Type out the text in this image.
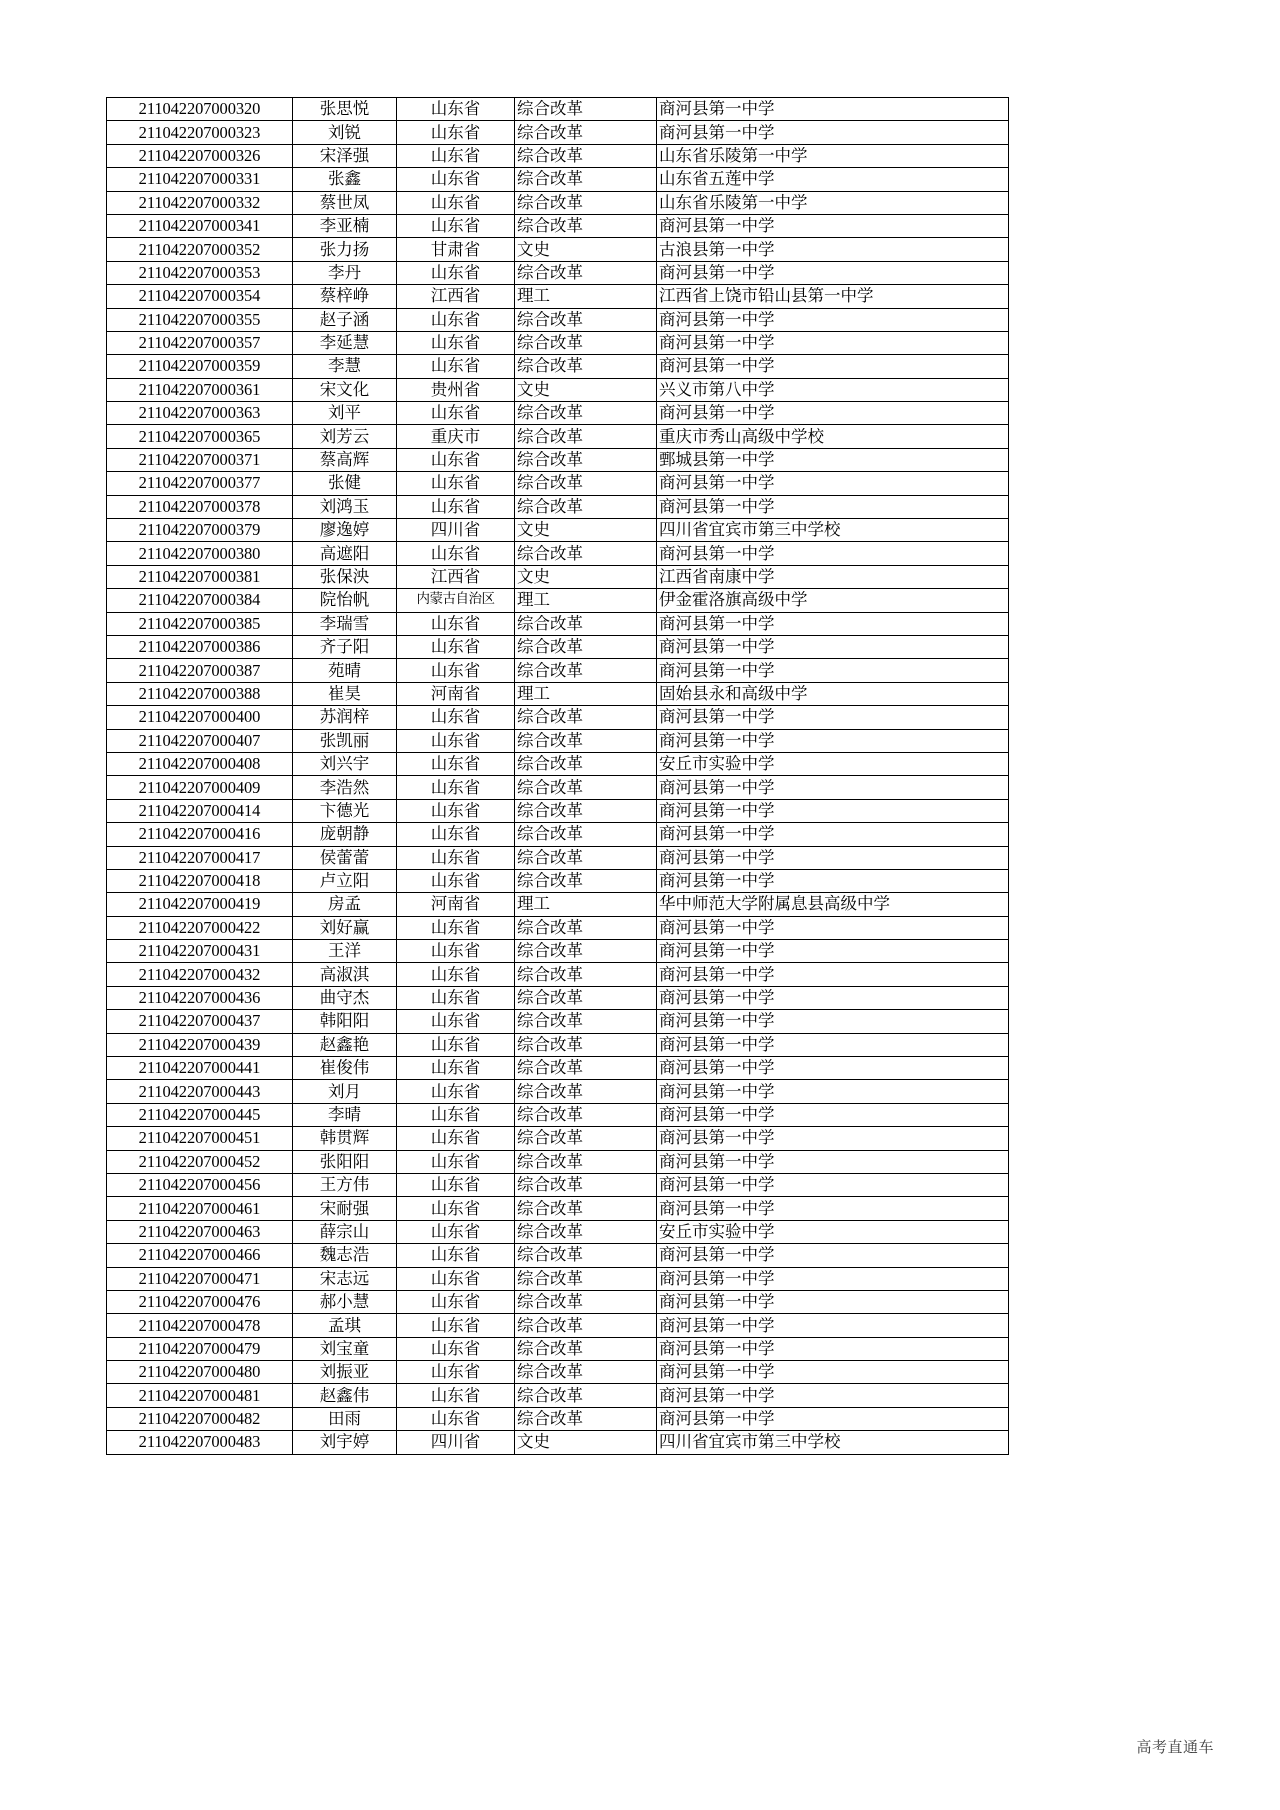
211042207000320	张思悦	山东省	综合改革	商河县第一中学
211042207000323	刘锐	山东省	综合改革	商河县第一中学
211042207000326	宋泽强	山东省	综合改革	山东省乐陵第一中学
211042207000331	张鑫	山东省	综合改革	山东省五莲中学
211042207000332	蔡世凤	山东省	综合改革	山东省乐陵第一中学
211042207000341	李亚楠	山东省	综合改革	商河县第一中学
211042207000352	张力扬	甘肃省	文史	古浪县第一中学
211042207000353	李丹	山东省	综合改革	商河县第一中学
211042207000354	蔡梓峥	江西省	理工	江西省上饶市铅山县第一中学
211042207000355	赵子涵	山东省	综合改革	商河县第一中学
211042207000357	李延慧	山东省	综合改革	商河县第一中学
211042207000359	李慧	山东省	综合改革	商河县第一中学
211042207000361	宋文化	贵州省	文史	兴义市第八中学
211042207000363	刘平	山东省	综合改革	商河县第一中学
211042207000365	刘芳云	重庆市	综合改革	重庆市秀山高级中学校
211042207000371	蔡高辉	山东省	综合改革	鄄城县第一中学
211042207000377	张健	山东省	综合改革	商河县第一中学
211042207000378	刘鸿玉	山东省	综合改革	商河县第一中学
211042207000379	廖逸婷	四川省	文史	四川省宜宾市第三中学校
211042207000380	高遮阳	山东省	综合改革	商河县第一中学
211042207000381	张保泱	江西省	文史	江西省南康中学
211042207000384	院怡帆	内蒙古自治区	理工	伊金霍洛旗高级中学
211042207000385	李瑞雪	山东省	综合改革	商河县第一中学
211042207000386	齐子阳	山东省	综合改革	商河县第一中学
211042207000387	苑晴	山东省	综合改革	商河县第一中学
211042207000388	崔昊	河南省	理工	固始县永和高级中学
211042207000400	苏润梓	山东省	综合改革	商河县第一中学
211042207000407	张凯丽	山东省	综合改革	商河县第一中学
211042207000408	刘兴宇	山东省	综合改革	安丘市实验中学
211042207000409	李浩然	山东省	综合改革	商河县第一中学
211042207000414	卞德光	山东省	综合改革	商河县第一中学
211042207000416	庞朝静	山东省	综合改革	商河县第一中学
211042207000417	侯蕾蕾	山东省	综合改革	商河县第一中学
211042207000418	卢立阳	山东省	综合改革	商河县第一中学
211042207000419	房孟	河南省	理工	华中师范大学附属息县高级中学
211042207000422	刘好赢	山东省	综合改革	商河县第一中学
211042207000431	王洋	山东省	综合改革	商河县第一中学
211042207000432	高淑淇	山东省	综合改革	商河县第一中学
211042207000436	曲守杰	山东省	综合改革	商河县第一中学
211042207000437	韩阳阳	山东省	综合改革	商河县第一中学
211042207000439	赵鑫艳	山东省	综合改革	商河县第一中学
211042207000441	崔俊伟	山东省	综合改革	商河县第一中学
211042207000443	刘月	山东省	综合改革	商河县第一中学
211042207000445	李晴	山东省	综合改革	商河县第一中学
211042207000451	韩贯辉	山东省	综合改革	商河县第一中学
211042207000452	张阳阳	山东省	综合改革	商河县第一中学
211042207000456	王方伟	山东省	综合改革	商河县第一中学
211042207000461	宋耐强	山东省	综合改革	商河县第一中学
211042207000463	薛宗山	山东省	综合改革	安丘市实验中学
211042207000466	魏志浩	山东省	综合改革	商河县第一中学
211042207000471	宋志远	山东省	综合改革	商河县第一中学
211042207000476	郝小慧	山东省	综合改革	商河县第一中学
211042207000478	孟琪	山东省	综合改革	商河县第一中学
211042207000479	刘宝童	山东省	综合改革	商河县第一中学
211042207000480	刘振亚	山东省	综合改革	商河县第一中学
211042207000481	赵鑫伟	山东省	综合改革	商河县第一中学
211042207000482	田雨	山东省	综合改革	商河县第一中学
211042207000483	刘宇婷	四川省	文史	四川省宜宾市第三中学校
高考直通车
